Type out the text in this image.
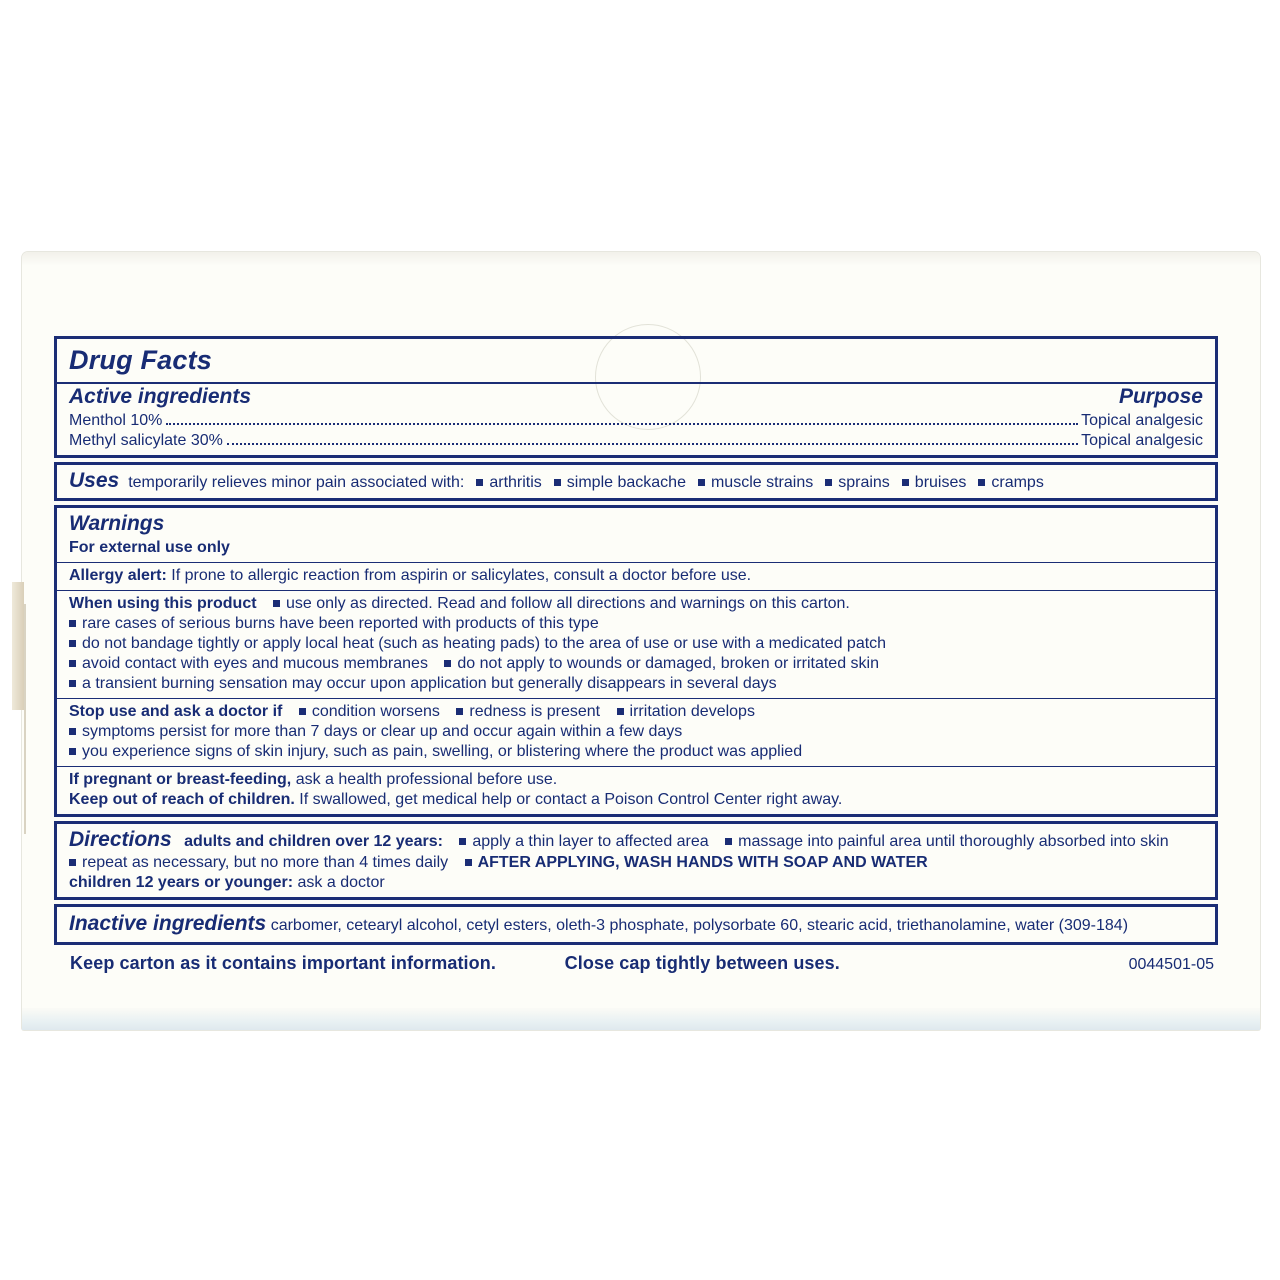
Drug Facts
Active ingredients	Purpose
Menthol 10%	Topical analgesic
Methyl salicylate 30%	Topical analgesic
Uses temporarily relieves minor pain associated with: arthritis simple backache muscle strains sprains bruises cramps
Warnings
For external use only
Allergy alert: If prone to allergic reaction from aspirin or salicylates, consult a doctor before use.
When using this product use only as directed. Read and follow all directions and warnings on this carton.
rare cases of serious burns have been reported with products of this type
do not bandage tightly or apply local heat (such as heating pads) to the area of use or use with a medicated patch
avoid contact with eyes and mucous membranes do not apply to wounds or damaged, broken or irritated skin
a transient burning sensation may occur upon application but generally disappears in several days
Stop use and ask a doctor if condition worsens redness is present irritation develops
symptoms persist for more than 7 days or clear up and occur again within a few days
you experience signs of skin injury, such as pain, swelling, or blistering where the product was applied
If pregnant or breast-feeding, ask a health professional before use.
Keep out of reach of children. If swallowed, get medical help or contact a Poison Control Center right away.
Directions adults and children over 12 years: apply a thin layer to affected area massage into painful area until thoroughly absorbed into skin
repeat as necessary, but no more than 4 times daily AFTER APPLYING, WASH HANDS WITH SOAP AND WATER
children 12 years or younger: ask a doctor
Inactive ingredients carbomer, cetearyl alcohol, cetyl esters, oleth-3 phosphate, polysorbate 60, stearic acid, triethanolamine, water (309-184)
Keep carton as it contains important information.	Close cap tightly between uses.	0044501-05
